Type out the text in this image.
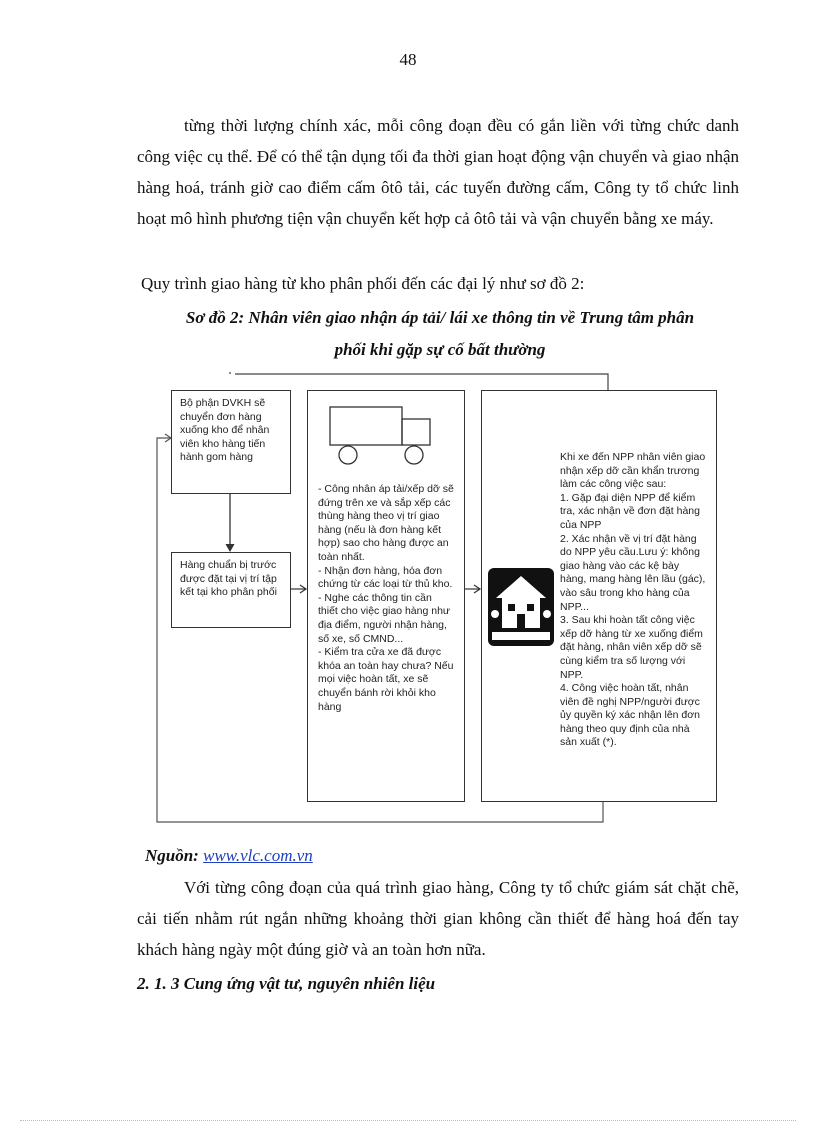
48
từng thời lượng chính xác, mỗi công đoạn đều có gắn liền với từng chức danh công việc cụ thể. Để có thể tận dụng tối đa thời gian hoạt động vận chuyển và giao nhận hàng hoá, tránh giờ cao điểm cấm ôtô tải, các tuyến đường cấm, Công ty tổ chức linh hoạt mô hình phương tiện vận chuyển kết hợp cả ôtô tải và vận chuyển bằng xe máy.
Quy trình giao hàng từ kho phân phối đến các đại lý như sơ đồ 2:
Sơ đồ 2: Nhân viên giao nhận áp tải/ lái xe thông tin về Trung tâm phân
phối khi gặp sự cố bất thường
Bộ phận DVKH sẽ chuyển đơn hàng xuống kho để nhân viên kho hàng tiến hành gom hàng
Hàng chuẩn bị trước được đặt tại vị trí tập kết tại kho phân phối
- Công nhân áp tải/xếp dỡ sẽ đứng trên xe và sắp xếp các thùng hàng theo vị trí giao hàng (nếu là đơn hàng kết hợp) sao cho hàng được an toàn nhất.
- Nhận đơn hàng, hóa đơn chứng từ các loại từ thủ kho.
- Nghe các thông tin cần thiết cho việc giao hàng như địa điểm, người nhận hàng, số xe, số CMND...
- Kiểm tra cửa xe đã được khóa an toàn hay chưa? Nếu mọi việc hoàn tất, xe sẽ chuyển bánh rời khỏi kho hàng
Khi xe đến NPP nhân viên giao nhận xếp dỡ cần khẩn trương làm các công việc sau:
1. Gặp đại diện NPP để kiểm tra, xác nhận về đơn đặt hàng của NPP
2. Xác nhận về vị trí đặt hàng do NPP yêu cầu.Lưu ý: không giao hàng vào các kệ bày hàng, mang hàng lên lầu (gác), vào sâu trong kho hàng của NPP...
3. Sau khi hoàn tất công việc xếp dỡ hàng từ xe xuống điểm đặt hàng, nhân viên xếp dỡ sẽ cùng kiểm tra số lượng với NPP.
4. Công việc hoàn tất, nhân viên đề nghị NPP/người được ủy quyền ký xác nhận lên đơn hàng theo quy định của nhà sản xuất (*).
Nguồn: www.vlc.com.vn
Với từng công đoạn của quá trình giao hàng, Công ty tổ chức giám sát chặt chẽ, cải tiến nhằm rút ngắn những khoảng thời gian không cần thiết để hàng hoá đến tay khách hàng ngày một đúng giờ và an toàn hơn nữa.
2. 1. 3 Cung ứng vật tư, nguyên nhiên liệu
